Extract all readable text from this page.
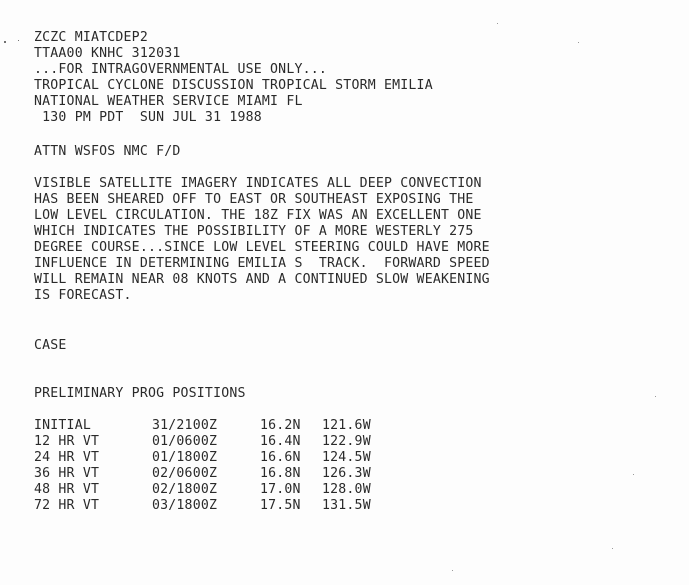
ZCZC MIATCDEP2
TTAA00 KNHC 312031
...FOR INTRAGOVERNMENTAL USE ONLY...
TROPICAL CYCLONE DISCUSSION TROPICAL STORM EMILIA
NATIONAL WEATHER SERVICE MIAMI FL
130 PM PDT  SUN JUL 31 1988
ATTN WSFOS NMC F/D
VISIBLE SATELLITE IMAGERY INDICATES ALL DEEP CONVECTION
HAS BEEN SHEARED OFF TO EAST OR SOUTHEAST EXPOSING THE
LOW LEVEL CIRCULATION. THE 18Z FIX WAS AN EXCELLENT ONE
WHICH INDICATES THE POSSIBILITY OF A MORE WESTERLY 275
DEGREE COURSE...SINCE LOW LEVEL STEERING COULD HAVE MORE
INFLUENCE IN DETERMINING EMILIA S  TRACK.  FORWARD SPEED
WILL REMAIN NEAR 08 KNOTS AND A CONTINUED SLOW WEAKENING
IS FORECAST.
CASE
PRELIMINARY PROG POSITIONS
INITIAL	31/2100Z	16.2N 121.6W
12 HR VT	01/0600Z	16.4N 122.9W
24 HR VT	01/1800Z	16.6N 124.5W
36 HR VT	02/0600Z	16.8N 126.3W
48 HR VT	02/1800Z	17.0N 128.0W
72 HR VT	03/1800Z	17.5N 131.5W
